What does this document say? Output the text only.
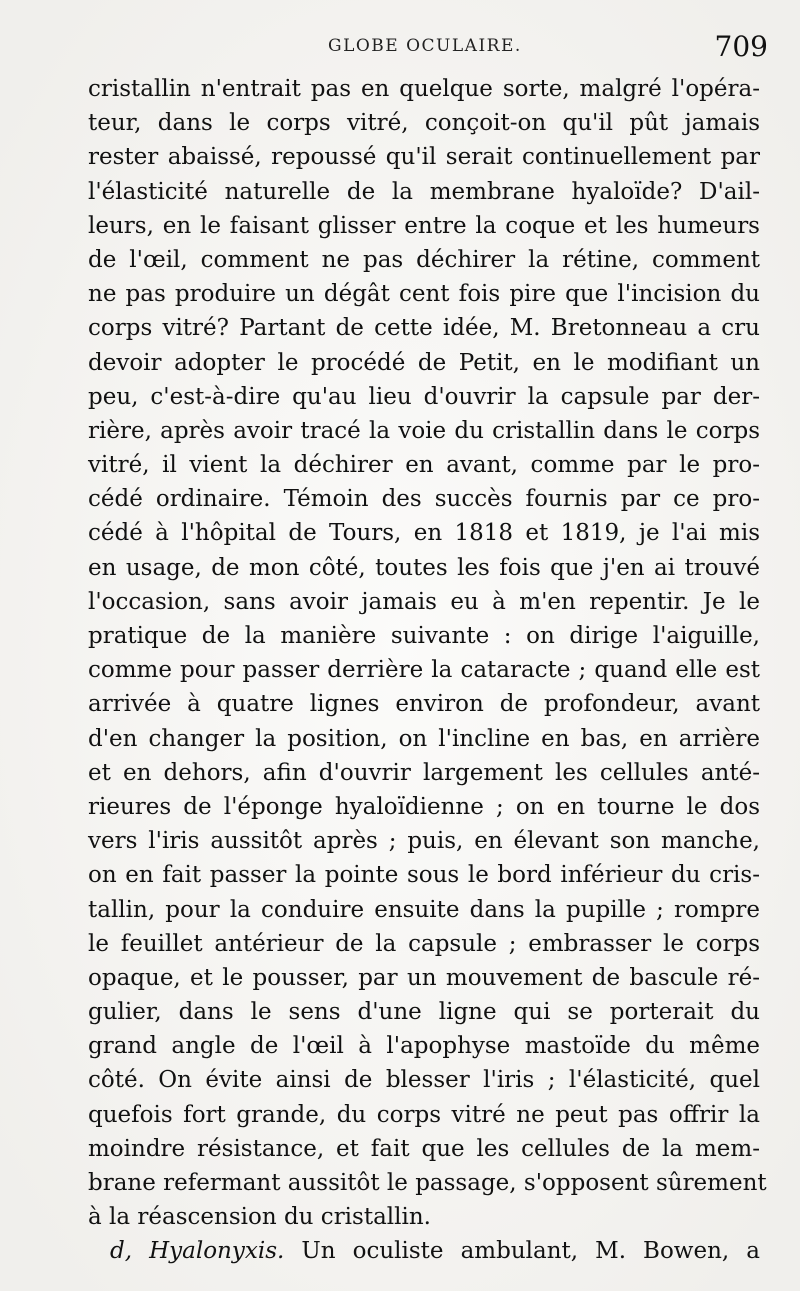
GLOBE OCULAIRE.	709
cristallin n'entrait pas en quelque sorte, malgré l'opéra-
teur, dans le corps vitré, conçoit-on qu'il pût jamais
rester abaissé, repoussé qu'il serait continuellement par
l'élasticité naturelle de la membrane hyaloïde? D'ail-
leurs, en le faisant glisser entre la coque et les humeurs
de l'œil, comment ne pas déchirer la rétine, comment
ne pas produire un dégât cent fois pire que l'incision du
corps vitré? Partant de cette idée, M. Bretonneau a cru
devoir adopter le procédé de Petit, en le modifiant un
peu, c'est-à-dire qu'au lieu d'ouvrir la capsule par der-
rière, après avoir tracé la voie du cristallin dans le corps
vitré, il vient la déchirer en avant, comme par le pro-
cédé ordinaire. Témoin des succès fournis par ce pro-
cédé à l'hôpital de Tours, en 1818 et 1819, je l'ai mis
en usage, de mon côté, toutes les fois que j'en ai trouvé
l'occasion, sans avoir jamais eu à m'en repentir. Je le
pratique de la manière suivante : on dirige l'aiguille,
comme pour passer derrière la cataracte ; quand elle est
arrivée à quatre lignes environ de profondeur, avant
d'en changer la position, on l'incline en bas, en arrière
et en dehors, afin d'ouvrir largement les cellules anté-
rieures de l'éponge hyaloïdienne ; on en tourne le dos
vers l'iris aussitôt après ; puis, en élevant son manche,
on en fait passer la pointe sous le bord inférieur du cris-
tallin, pour la conduire ensuite dans la pupille ; rompre
le feuillet antérieur de la capsule ; embrasser le corps
opaque, et le pousser, par un mouvement de bascule ré-
gulier, dans le sens d'une ligne qui se porterait du
grand angle de l'œil à l'apophyse mastoïde du même
côté. On évite ainsi de blesser l'iris ; l'élasticité, quel
quefois fort grande, du corps vitré ne peut pas offrir la
moindre résistance, et fait que les cellules de la mem-
brane refermant aussitôt le passage, s'opposent sûrement
à la réascension du cristallin.
d, Hyalonyxis. Un oculiste ambulant, M. Bowen, a
